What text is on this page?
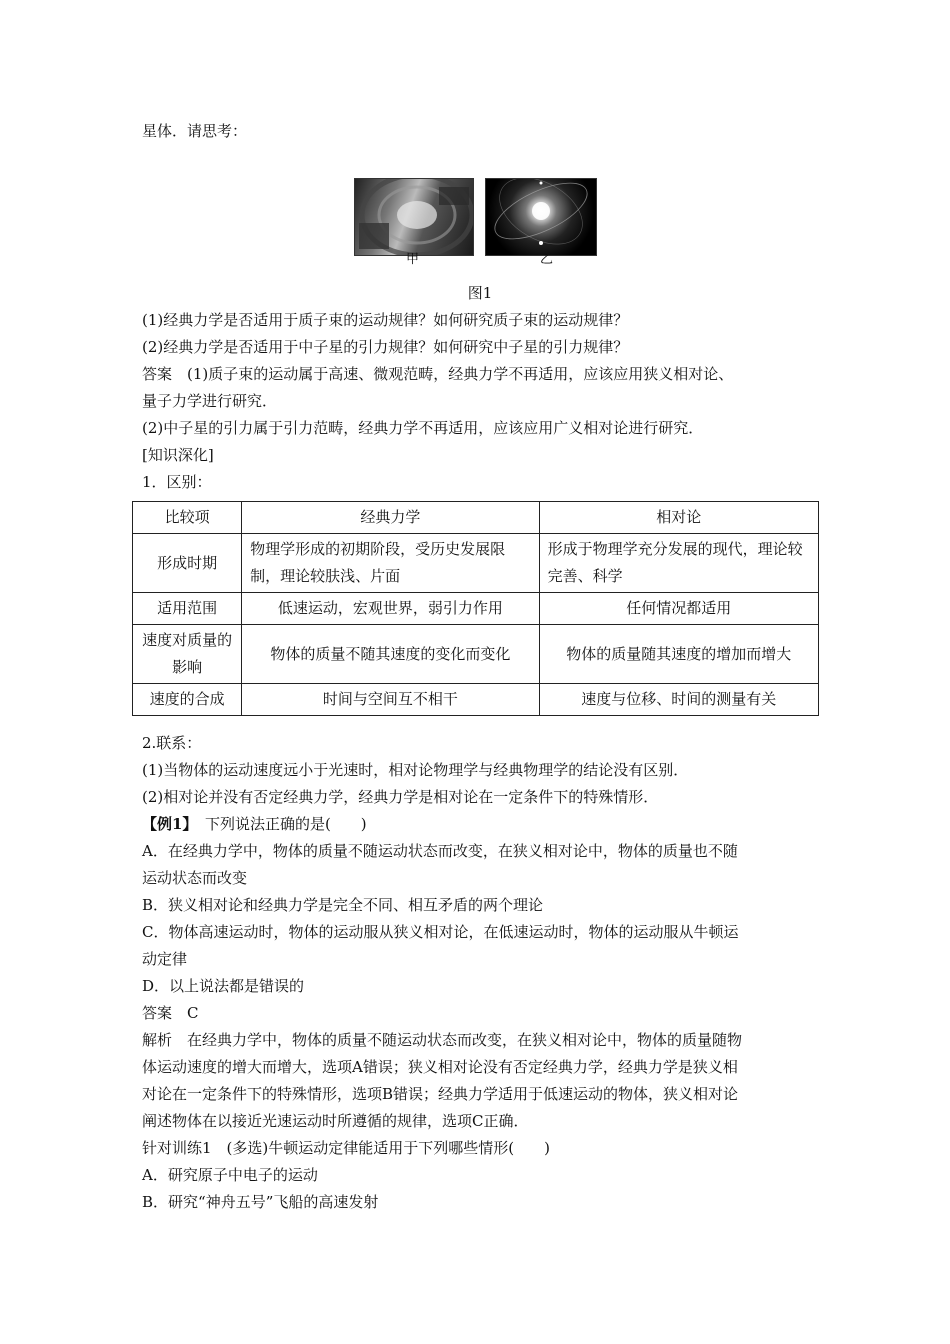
星体．请思考：
甲	乙
图1
(1)经典力学是否适用于质子束的运动规律？如何研究质子束的运动规律？
(2)经典力学是否适用于中子星的引力规律？如何研究中子星的引力规律？
答案　(1)质子束的运动属于高速、微观范畴，经典力学不再适用，应该应用狭义相对论、
量子力学进行研究．
(2)中子星的引力属于引力范畴，经典力学不再适用，应该应用广义相对论进行研究．
[知识深化]
1．区别：
比较项	经典力学	相对论
形成时期	物理学形成的初期阶段，受历史发展限制，理论较肤浅、片面	形成于物理学充分发展的现代，理论较完善、科学
适用范围	低速运动，宏观世界，弱引力作用	任何情况都适用
速度对质量的影响	物体的质量不随其速度的变化而变化	物体的质量随其速度的增加而增大
速度的合成	时间与空间互不相干	速度与位移、时间的测量有关
2.联系：
(1)当物体的运动速度远小于光速时，相对论物理学与经典物理学的结论没有区别．
(2)相对论并没有否定经典力学，经典力学是相对论在一定条件下的特殊情形．
【例1】　 下列说法正确的是(　　)
A．在经典力学中，物体的质量不随运动状态而改变，在狭义相对论中，物体的质量也不随
运动状态而改变
B．狭义相对论和经典力学是完全不同、相互矛盾的两个理论
C．物体高速运动时，物体的运动服从狭义相对论，在低速运动时，物体的运动服从牛顿运
动定律
D．以上说法都是错误的
答案　C
解析　在经典力学中，物体的质量不随运动状态而改变，在狭义相对论中，物体的质量随物
体运动速度的增大而增大，选项A错误；狭义相对论没有否定经典力学，经典力学是狭义相
对论在一定条件下的特殊情形，选项B错误；经典力学适用于低速运动的物体，狭义相对论
阐述物体在以接近光速运动时所遵循的规律，选项C正确．
针对训练1　(多选)牛顿运动定律能适用于下列哪些情形(　　)
A．研究原子中电子的运动
B．研究“神舟五号”飞船的高速发射
